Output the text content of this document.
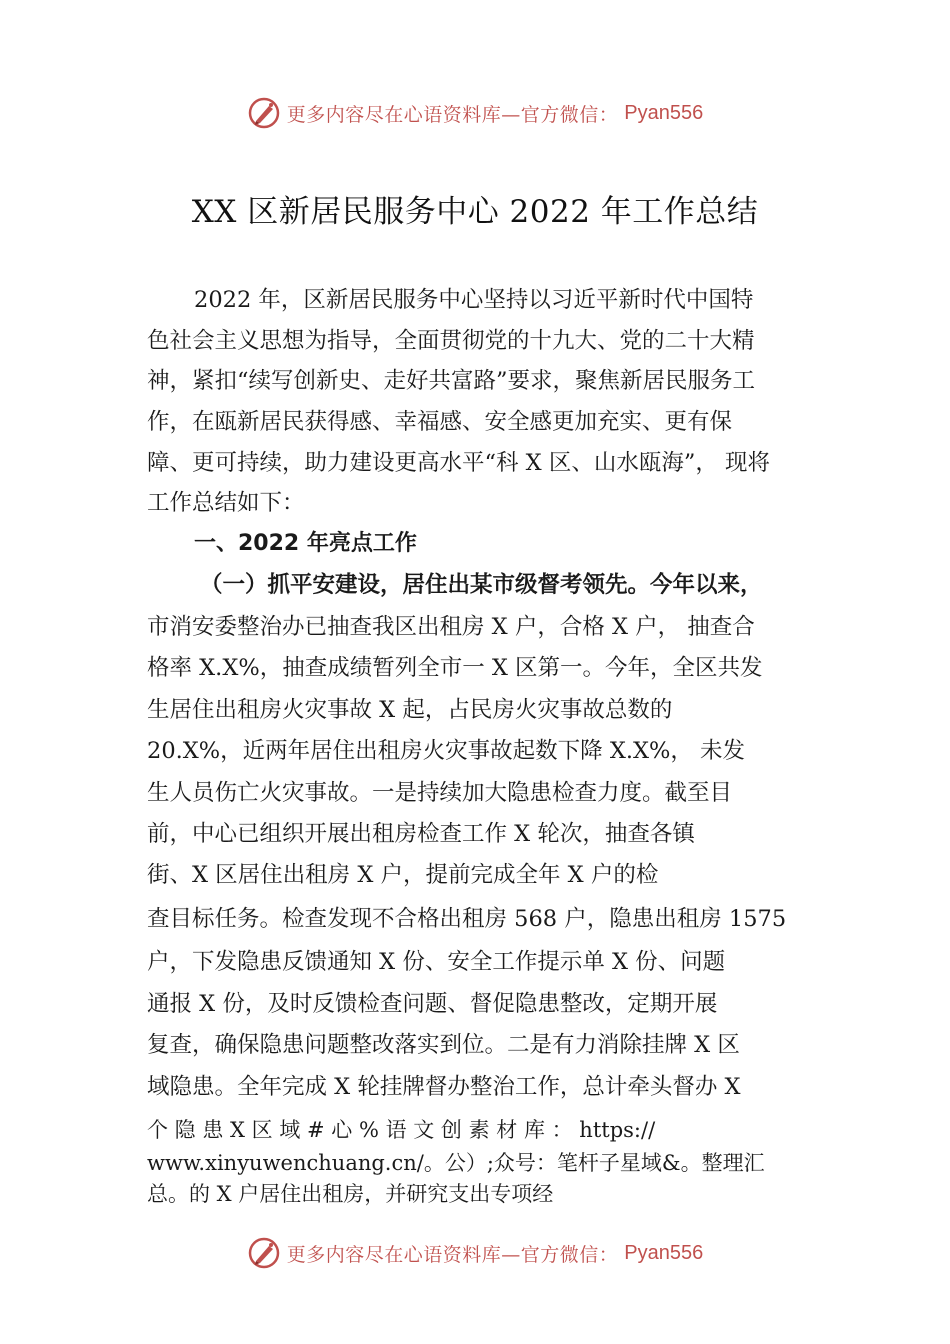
更多内容尽在心语资料库—官方微信： Pyan556
XX 区新居民服务中心 2022 年工作总结
2022 年，区新居民服务中心坚持以习近平新时代中国特
色社会主义思想为指导，全面贯彻党的十九大、党的二十大精
神，紧扣“续写创新史、走好共富路”要求，聚焦新居民服务工
作，在瓯新居民获得感、幸福感、安全感更加充实、更有保
障、更可持续，助力建设更高水平“科 X 区、山水瓯海”， 现将
工作总结如下：
一、2022 年亮点工作
（一）抓平安建设，居住出某市级督考领先。今年以来，
市消安委整治办已抽查我区出租房 X 户，合格 X 户， 抽查合
格率 X.X%，抽查成绩暂列全市一 X 区第一。今年，全区共发
生居住出租房火灾事故 X 起，占民房火灾事故总数的
20.X%，近两年居住出租房火灾事故起数下降 X.X%， 未发
生人员伤亡火灾事故。一是持续加大隐患检查力度。截至目
前，中心已组织开展出租房检查工作 X 轮次，抽查各镇
街、X 区居住出租房 X 户，提前完成全年 X 户的检
查目标任务。检查发现不合格出租房 568 户，隐患出租房 1575
户，下发隐患反馈通知 X 份、安全工作提示单 X 份、问题
通报 X 份，及时反馈检查问题、督促隐患整改，定期开展
复查，确保隐患问题整改落实到位。二是有力消除挂牌 X 区
域隐患。全年完成 X 轮挂牌督办整治工作，总计牵头督办 X
个 隐 患 X 区 域 # 心 % 语 文 创 素 材 库 ： https://
www.xinyuwenchuang.cn/。公）;众号：笔杆子星域&。整理汇
总。的 X 户居住出租房，并研究支出专项经
更多内容尽在心语资料库—官方微信： Pyan556
